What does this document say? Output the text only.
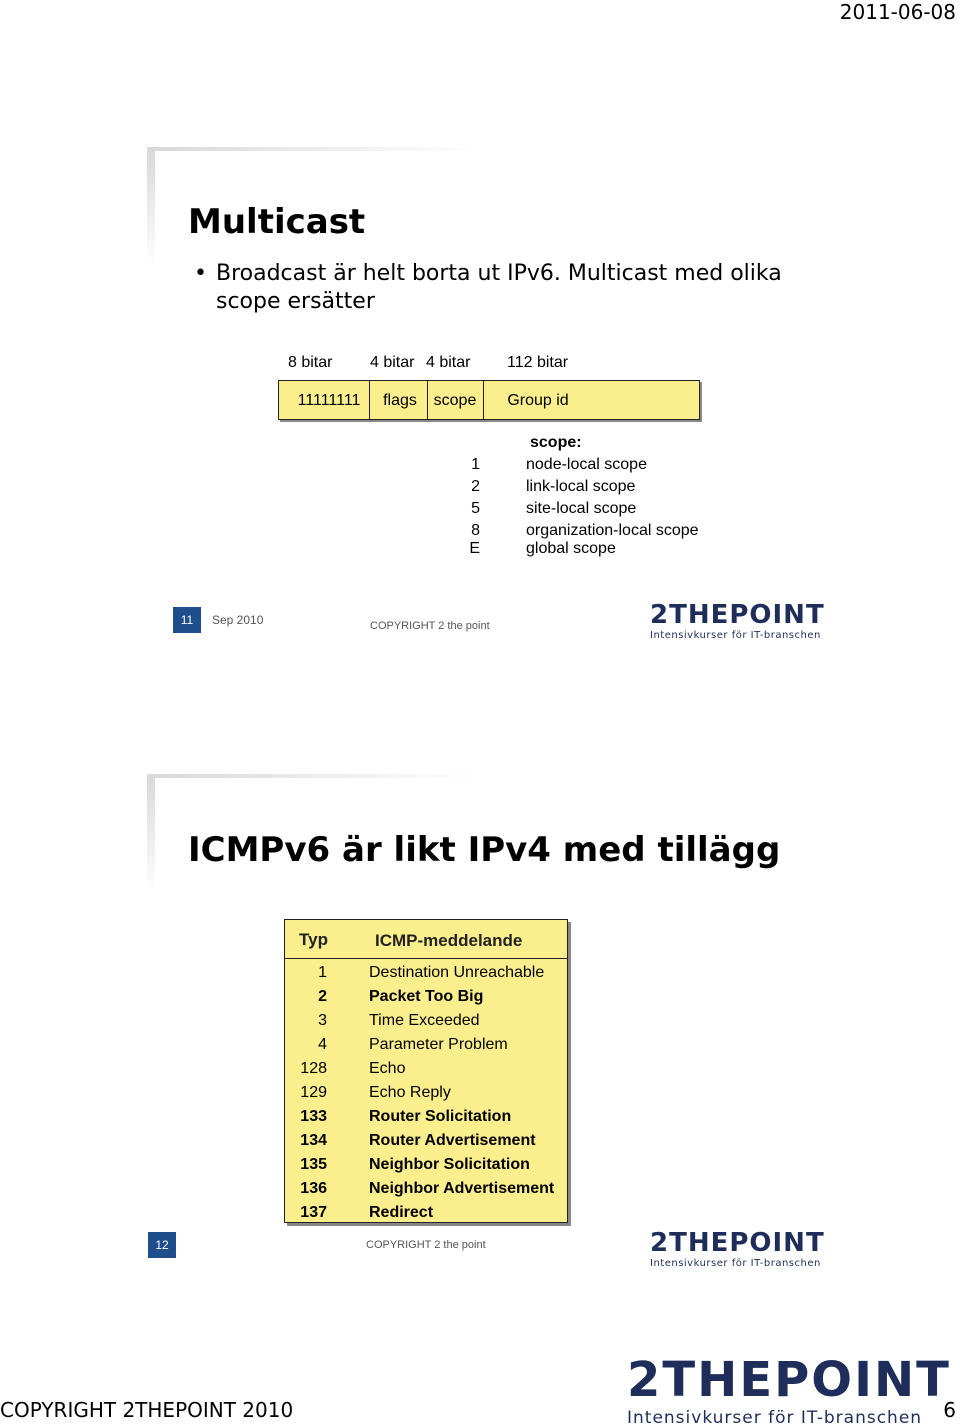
2011-06-08
Multicast
• Broadcast är helt borta ut IPv6. Multicast med olika
scope ersätter
8 bitar 4 bitar 4 bitar 112 bitar
11111111	flags	scope	Group id
scope:
1	node-local scope

2	link-local scope

5	site-local scope

8	organization-local scope

E	global scope

11	Sep 2010	COPYRIGHT 2 the point	2THEPOINT
Intensivkurser för IT-branschen
ICMPv6 är likt IPv4 med tillägg
Typ	ICMP-meddelande
1	Destination Unreachable
2	Packet Too Big
3	Time Exceeded
4	Parameter Problem
128	Echo
129	Echo Reply
133	Router Solicitation
134	Router Advertisement
135	Neighbor Solicitation
136	Neighbor Advertisement
137	Redirect
12	COPYRIGHT 2 the point	2THEPOINT
Intensivkurser för IT-branschen
2THEPOINT
Intensivkurser för IT-branschen
COPYRIGHT 2THEPOINT 2010	6
